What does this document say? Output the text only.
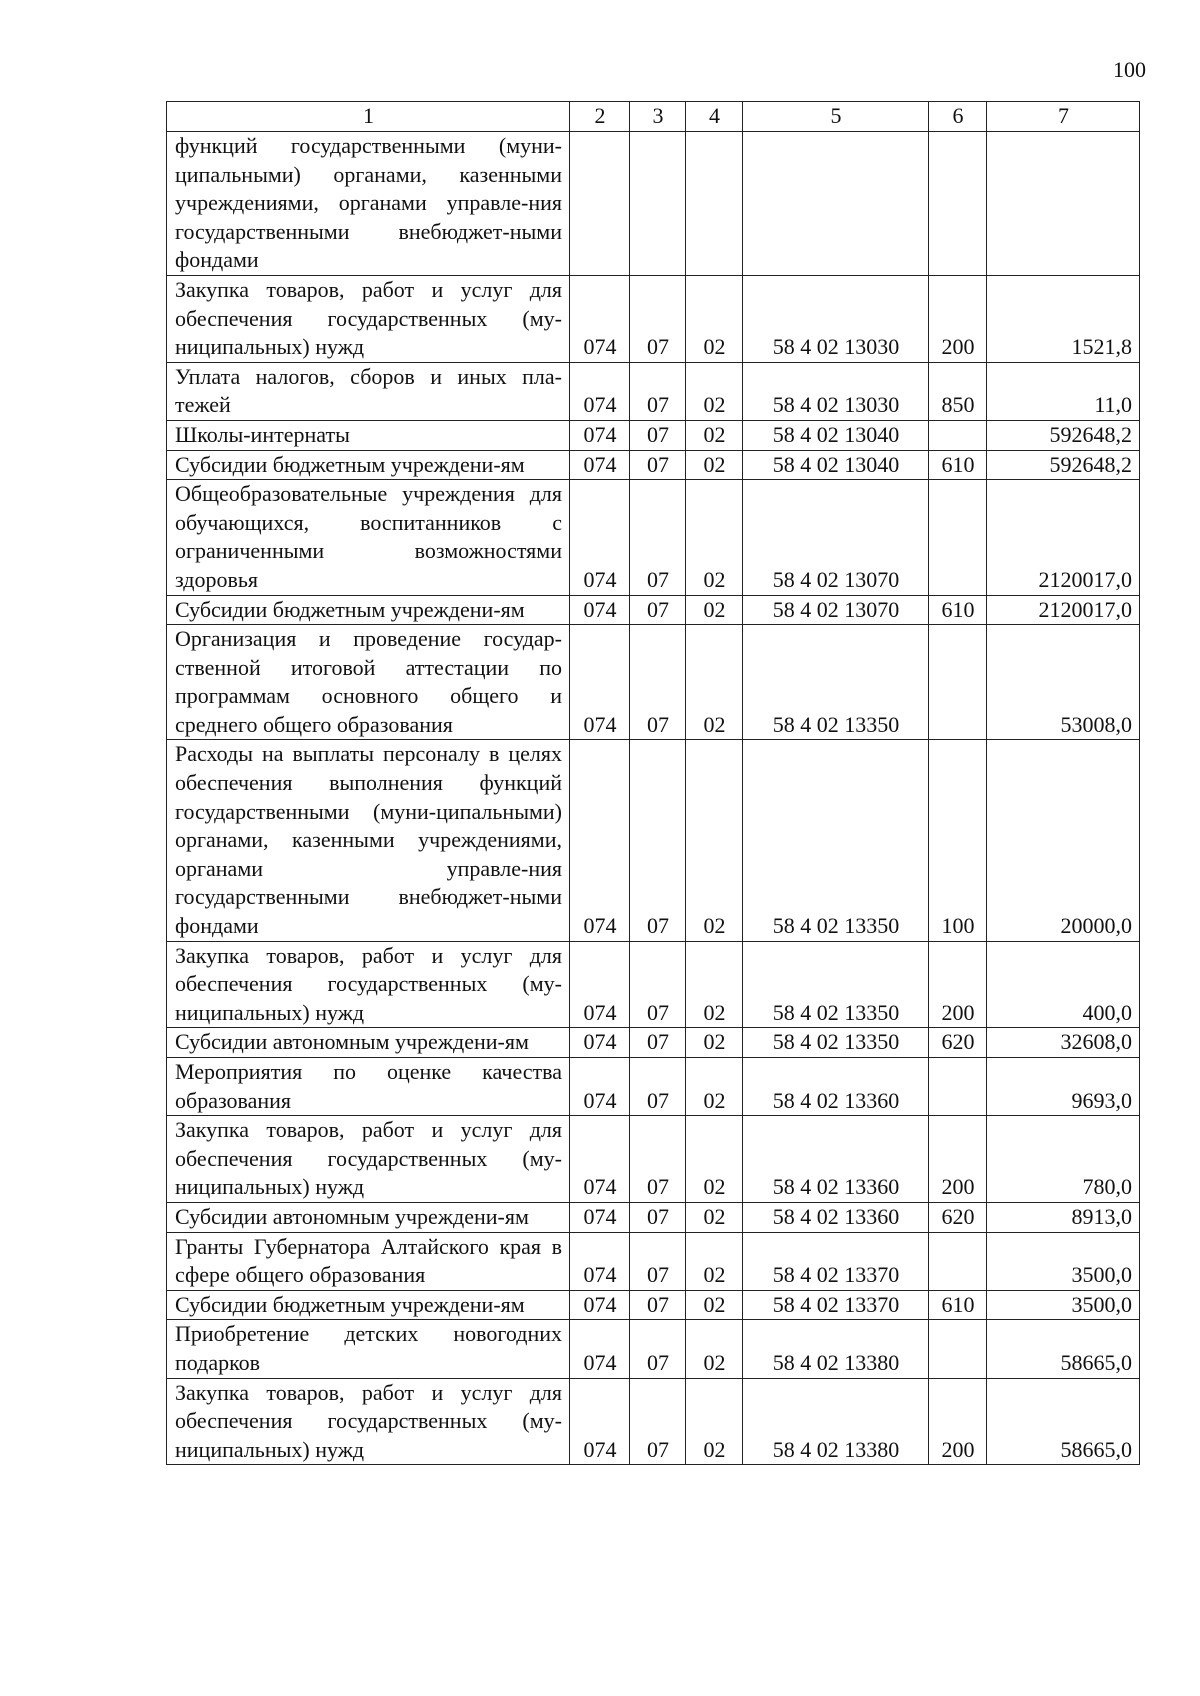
100
1	2	3	4	5	6	7
функций государственными (муни-ципальными) органами, казенными учреждениями, органами управле-ния государственными внебюджет-ными фондами						
Закупка товаров, работ и услуг для обеспечения государственных (му-ниципальных) нужд	074	07	02	58 4 02 13030	200	1521,8
Уплата налогов, сборов и иных пла-тежей	074	07	02	58 4 02 13030	850	11,0
Школы-интернаты	074	07	02	58 4 02 13040		592648,2
Субсидии бюджетным учреждени-ям	074	07	02	58 4 02 13040	610	592648,2
Общеобразовательные учреждения для обучающихся, воспитанников с ограниченными возможностями здоровья	074	07	02	58 4 02 13070		2120017,0
Субсидии бюджетным учреждени-ям	074	07	02	58 4 02 13070	610	2120017,0
Организация и проведение государ-ственной итоговой аттестации по программам основного общего и среднего общего образования	074	07	02	58 4 02 13350		53008,0
Расходы на выплаты персоналу в целях обеспечения выполнения функций государственными (муни-ципальными) органами, казенными учреждениями, органами управле-ния государственными внебюджет-ными фондами	074	07	02	58 4 02 13350	100	20000,0
Закупка товаров, работ и услуг для обеспечения государственных (му-ниципальных) нужд	074	07	02	58 4 02 13350	200	400,0
Субсидии автономным учреждени-ям	074	07	02	58 4 02 13350	620	32608,0
Мероприятия по оценке качества образования	074	07	02	58 4 02 13360		9693,0
Закупка товаров, работ и услуг для обеспечения государственных (му-ниципальных) нужд	074	07	02	58 4 02 13360	200	780,0
Субсидии автономным учреждени-ям	074	07	02	58 4 02 13360	620	8913,0
Гранты Губернатора Алтайского края в сфере общего образования	074	07	02	58 4 02 13370		3500,0
Субсидии бюджетным учреждени-ям	074	07	02	58 4 02 13370	610	3500,0
Приобретение детских новогодних подарков	074	07	02	58 4 02 13380		58665,0
Закупка товаров, работ и услуг для обеспечения государственных (му-ниципальных) нужд	074	07	02	58 4 02 13380	200	58665,0
